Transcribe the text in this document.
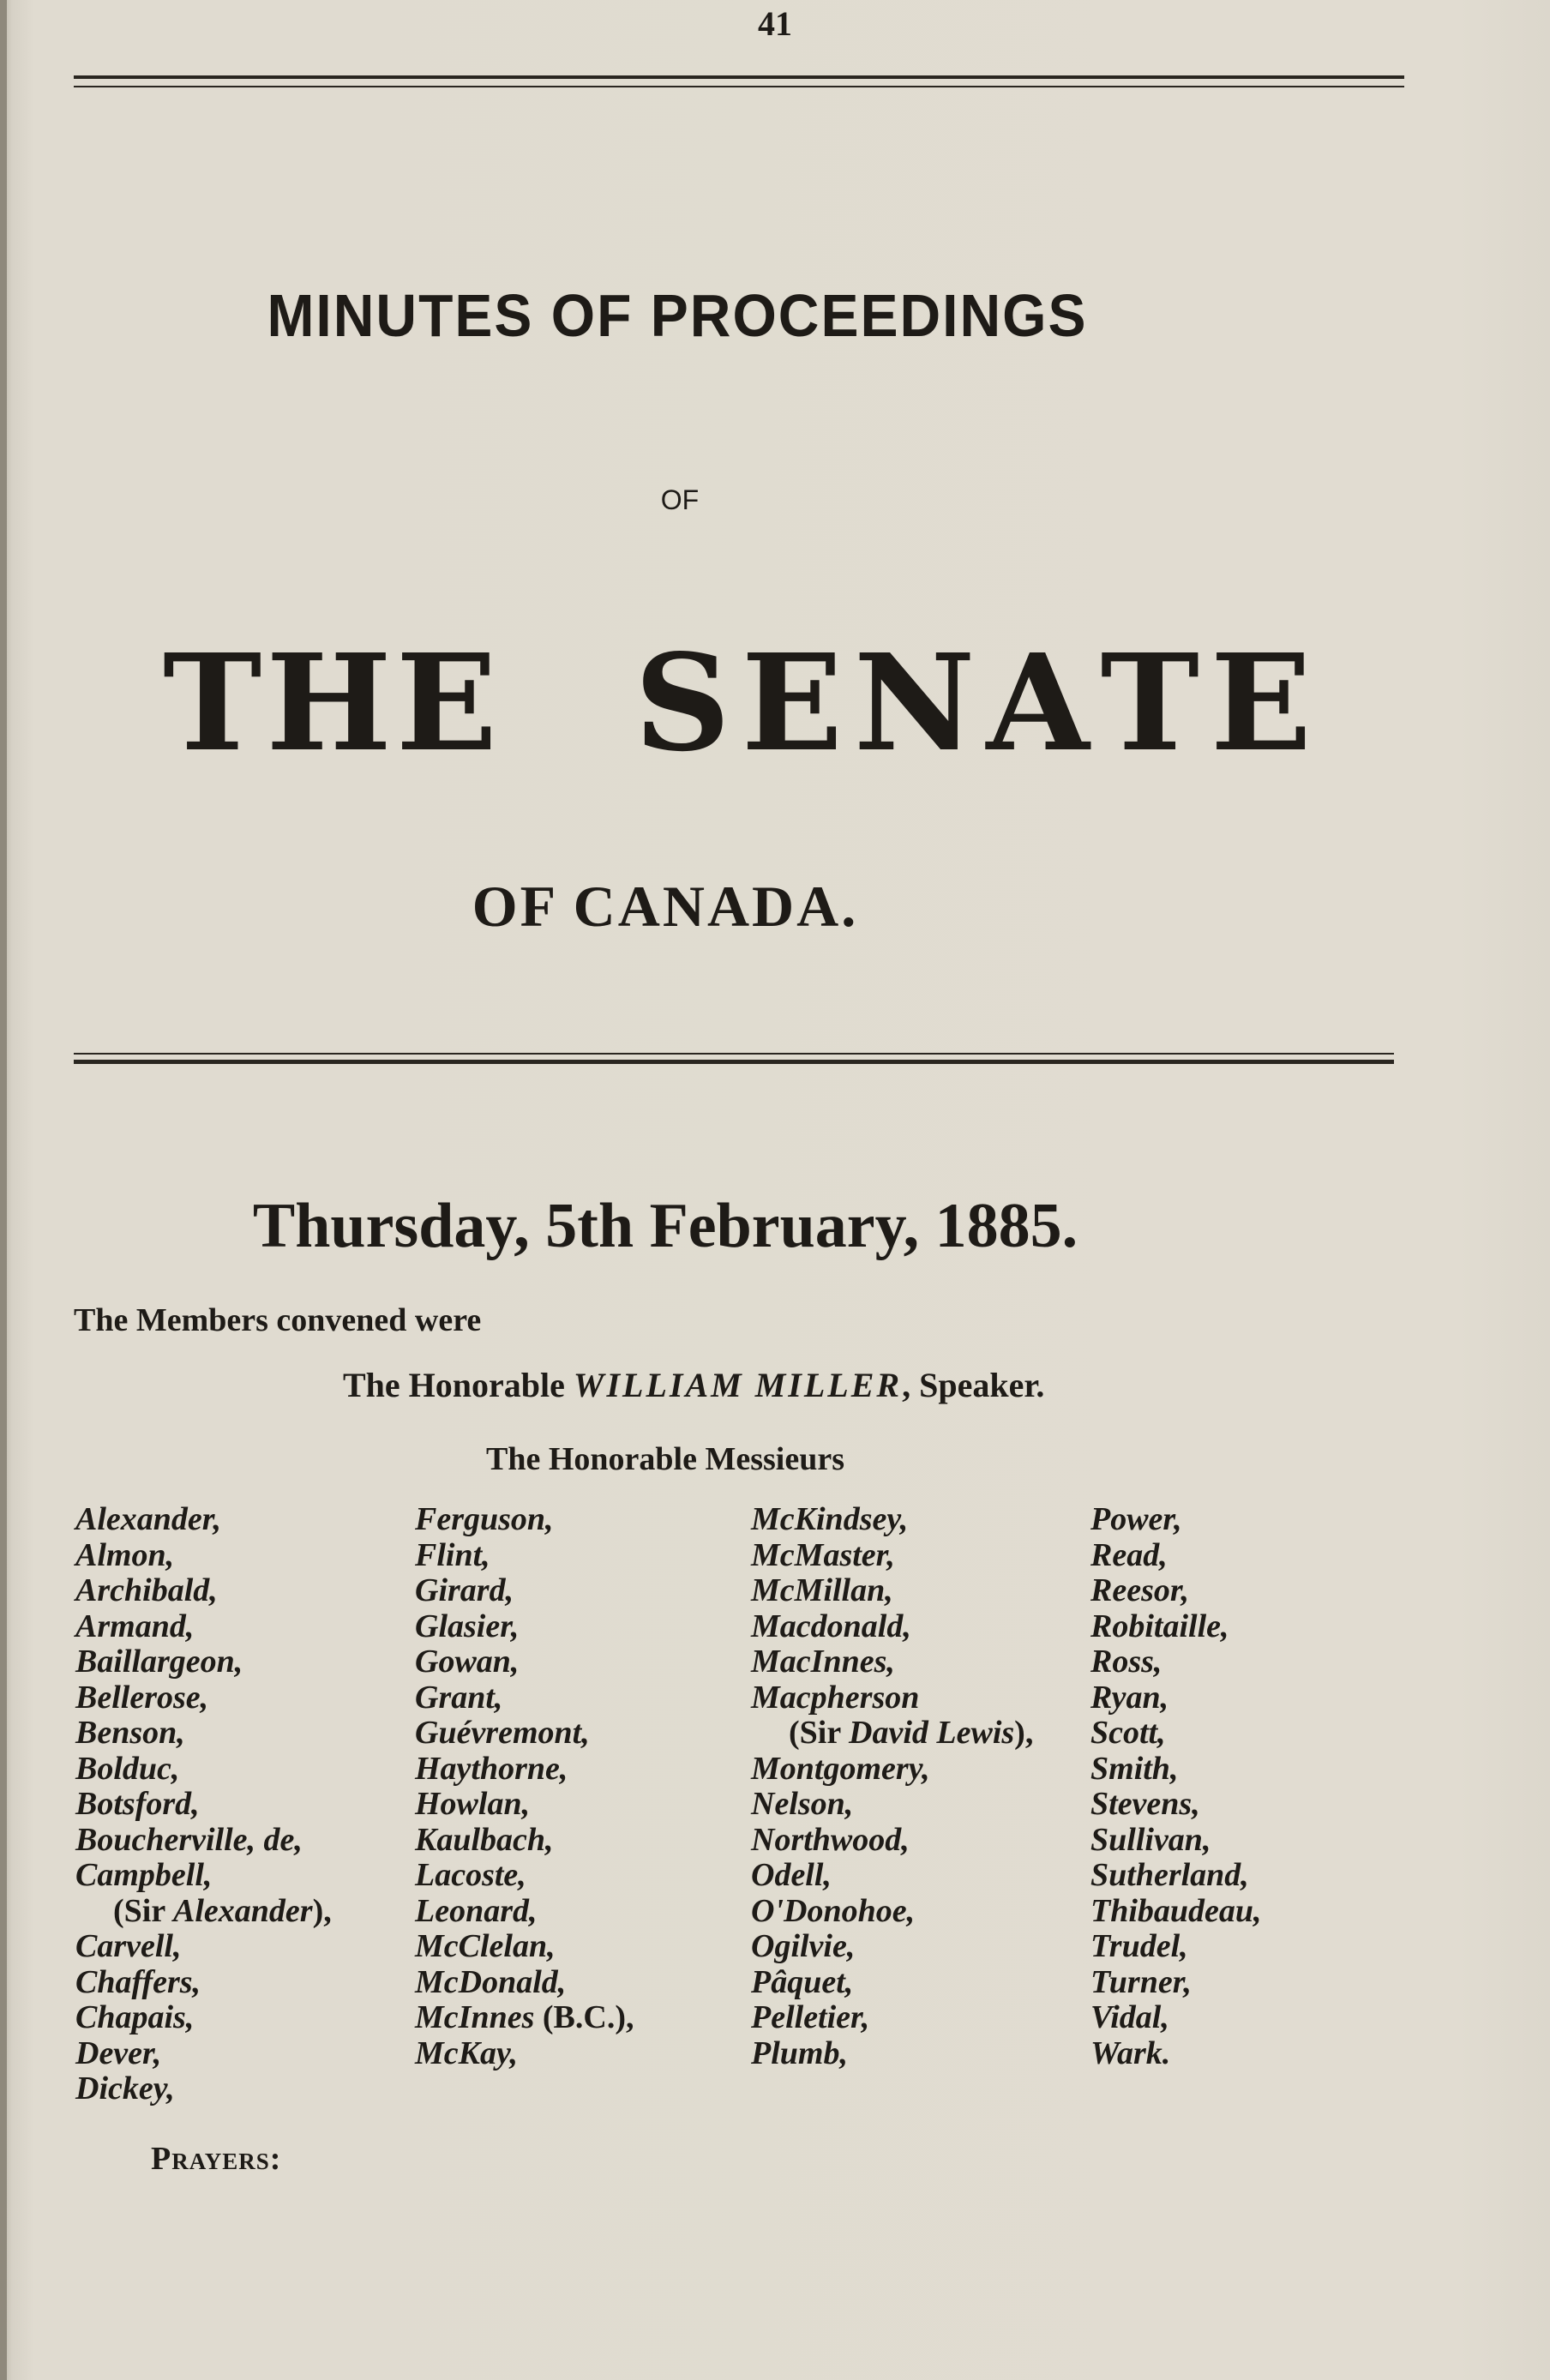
41
MINUTES OF PROCEEDINGS
OF
T H E S E N A T E
OF CANADA.
Thursday, 5th February, 1885.
The Members convened were
The Honorable WILLIAM MILLER, Speaker.
The Honorable Messieurs
Alexander,
Almon,
Archibald,
Armand,
Baillargeon,
Bellerose,
Benson,
Bolduc,
Botsford,
Boucherville, de,
Campbell,
(Sir Alexander),
Carvell,
Chaffers,
Chapais,
Dever,
Dickey,
Ferguson,
Flint,
Girard,
Glasier,
Gowan,
Grant,
Guévremont,
Haythorne,
Howlan,
Kaulbach,
Lacoste,
Leonard,
McClelan,
McDonald,
McInnes (B.C.),
McKay,
McKindsey,
McMaster,
McMillan,
Macdonald,
MacInnes,
Macpherson
(Sir David Lewis),
Montgomery,
Nelson,
Northwood,
Odell,
O'Donohoe,
Ogilvie,
Pâquet,
Pelletier,
Plumb,
Power,
Read,
Reesor,
Robitaille,
Ross,
Ryan,
Scott,
Smith,
Stevens,
Sullivan,
Sutherland,
Thibaudeau,
Trudel,
Turner,
Vidal,
Wark.
Prayers:
